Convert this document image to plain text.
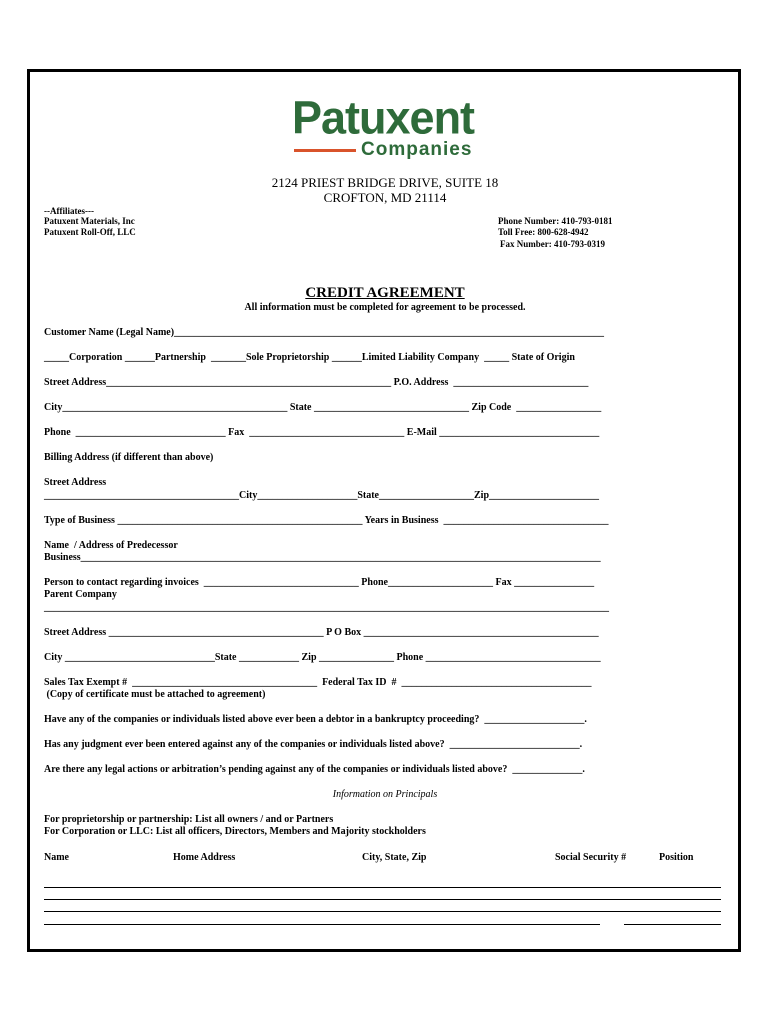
Patuxent
Companies
2124 PRIEST BRIDGE DRIVE, SUITE 18
CROFTON, MD 21114
--Affiliates---
Patuxent Materials, Inc
Patuxent Roll-Off, LLC
Phone Number: 410-793-0181
Toll Free: 800-628-4942
Fax Number: 410-793-0319
CREDIT AGREEMENT
All information must be completed for agreement to be processed.
Customer Name (Legal Name)______________________________________________________________________________________
_____Corporation ______Partnership  _______Sole Proprietorship ______Limited Liability Company  _____ State of Origin
Street Address_________________________________________________________ P.O. Address  ___________________________
City_____________________________________________ State _______________________________ Zip Code  _________________
Phone  ______________________________ Fax  _______________________________ E-Mail ________________________________
Billing Address (if different than above)
Street Address
_______________________________________City____________________State___________________Zip______________________
Type of Business _________________________________________________ Years in Business  _________________________________
Name  / Address of Predecessor
Business________________________________________________________________________________________________________
Person to contact regarding invoices  _______________________________ Phone_____________________ Fax ________________
Parent Company
_________________________________________________________________________________________________________________
Street Address ___________________________________________ P O Box _______________________________________________
City ______________________________State ____________ Zip _______________ Phone ___________________________________
Sales Tax Exempt #  _____________________________________  Federal Tax ID  #  ______________________________________
(Copy of certificate must be attached to agreement)
Have any of the companies or individuals listed above ever been a debtor in a bankruptcy proceeding?  ____________________.
Has any judgment ever been entered against any of the companies or individuals listed above?  __________________________.
Are there any legal actions or arbitration’s pending against any of the companies or individuals listed above?  ______________.
Information on Principals
For proprietorship or partnership: List all owners / and or Partners
For Corporation or LLC: List all officers, Directors, Members and Majority stockholders
Name	Home Address	City, State, Zip	Social Security #	Position
